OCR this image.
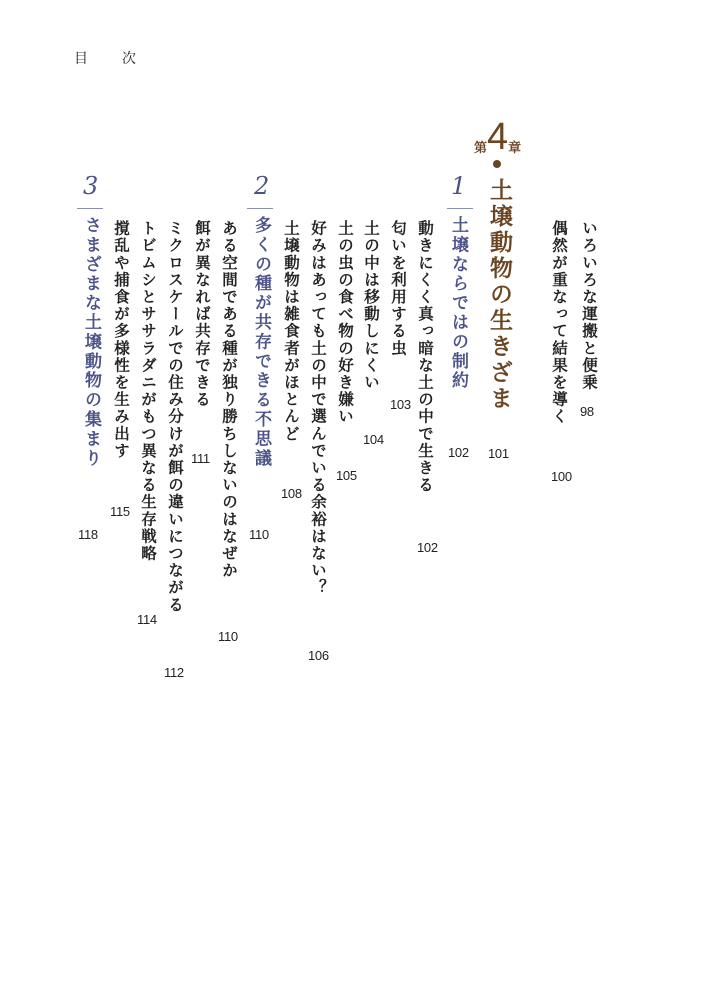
目　次
いろいろな運搬と便乗
98
偶然が重なって結果を導く
100
第 4 章
土壌動物の生きざま
101
1
土壌ならではの制約
102
動きにくく真っ暗な土の中で生きる
102
匂いを利用する虫
103
土の中は移動しにくい
104
土の虫の食べ物の好き嫌い
105
好みはあっても土の中で選んでいる余裕はない？
106
土壌動物は雑食者がほとんど
108
2
多くの種が共存できる不思議
110
ある空間である種が独り勝ちしないのはなぜか
110
餌が異なれば共存できる
111
ミクロスケールでの住み分けが餌の違いにつながる
112
トビムシとササラダニがもつ異なる生存戦略
114
撹乱や捕食が多様性を生み出す
115
3
さまざまな土壌動物の集まり
118
